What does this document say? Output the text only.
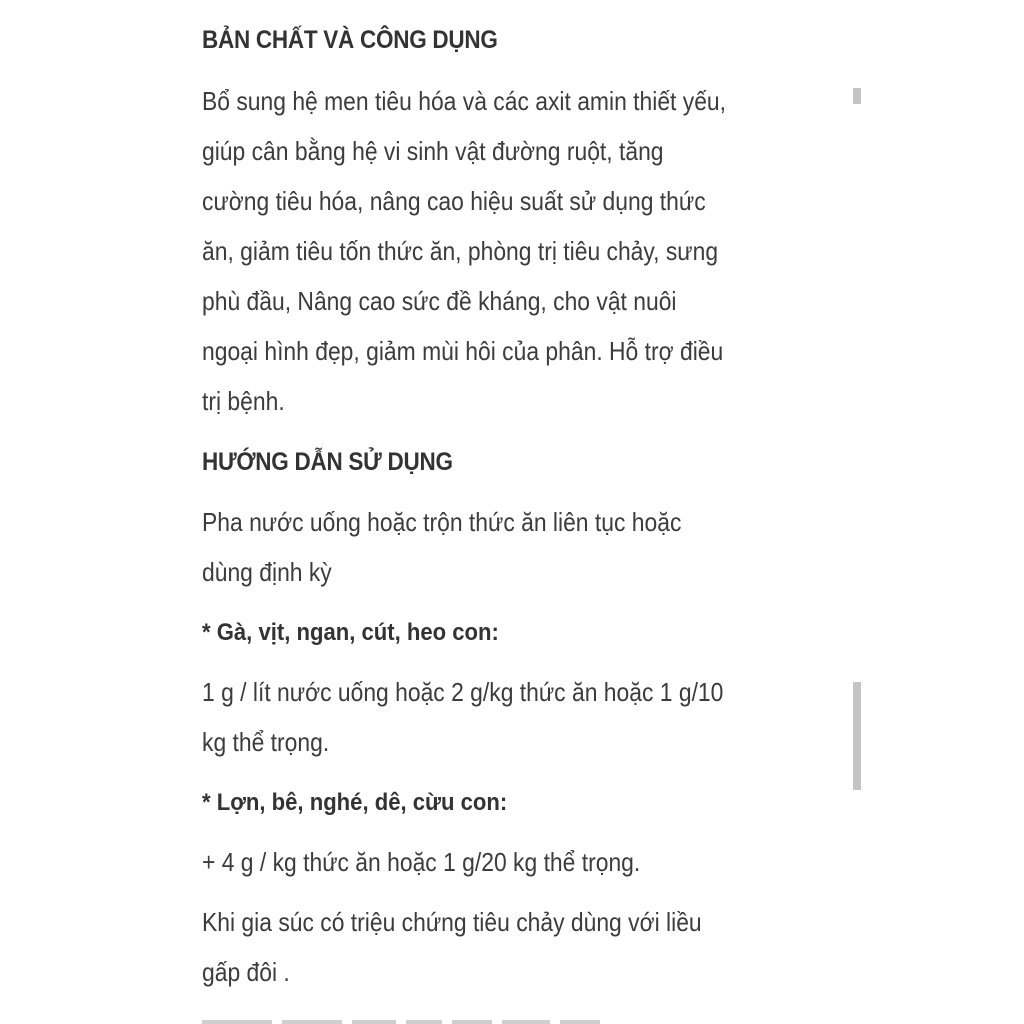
BẢN CHẤT VÀ CÔNG DỤNG
Bổ sung hệ men tiêu hóa và các axit amin thiết yếu,
giúp cân bằng hệ vi sinh vật đường ruột, tăng
cường tiêu hóa, nâng cao hiệu suất sử dụng thức
ăn, giảm tiêu tốn thức ăn, phòng trị tiêu chảy, sưng
phù đầu, Nâng cao sức đề kháng, cho vật nuôi
ngoại hình đẹp, giảm mùi hôi của phân. Hỗ trợ điều
trị bệnh.
HƯỚNG DẪN SỬ DỤNG
Pha nước uống hoặc trộn thức ăn liên tục hoặc
dùng định kỳ
* Gà, vịt, ngan, cút, heo con:
1 g / lít nước uống hoặc 2 g/kg thức ăn hoặc 1 g/10
kg thể trọng.
* Lợn, bê, nghé, dê, cừu con:
+ 4 g / kg thức ăn hoặc 1 g/20 kg thể trọng.
Khi gia súc có triệu chứng tiêu chảy dùng với liều
gấp đôi .
